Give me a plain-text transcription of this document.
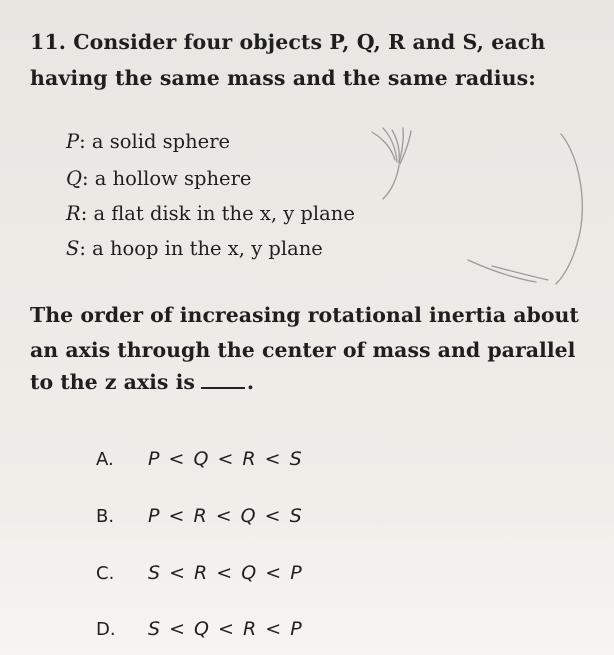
11. Consider four objects P, Q, R and S, each
having the same mass and the same radius:
P: a solid sphere
Q: a hollow sphere
R: a flat disk in the x, y plane
S: a hoop in the x, y plane
The order of increasing rotational inertia about
an axis through the center of mass and parallel
to the z axis is	.
A. P < Q < R < S
B. P < R < Q < S
C. S < R < Q < P
D. S < Q < R < P
